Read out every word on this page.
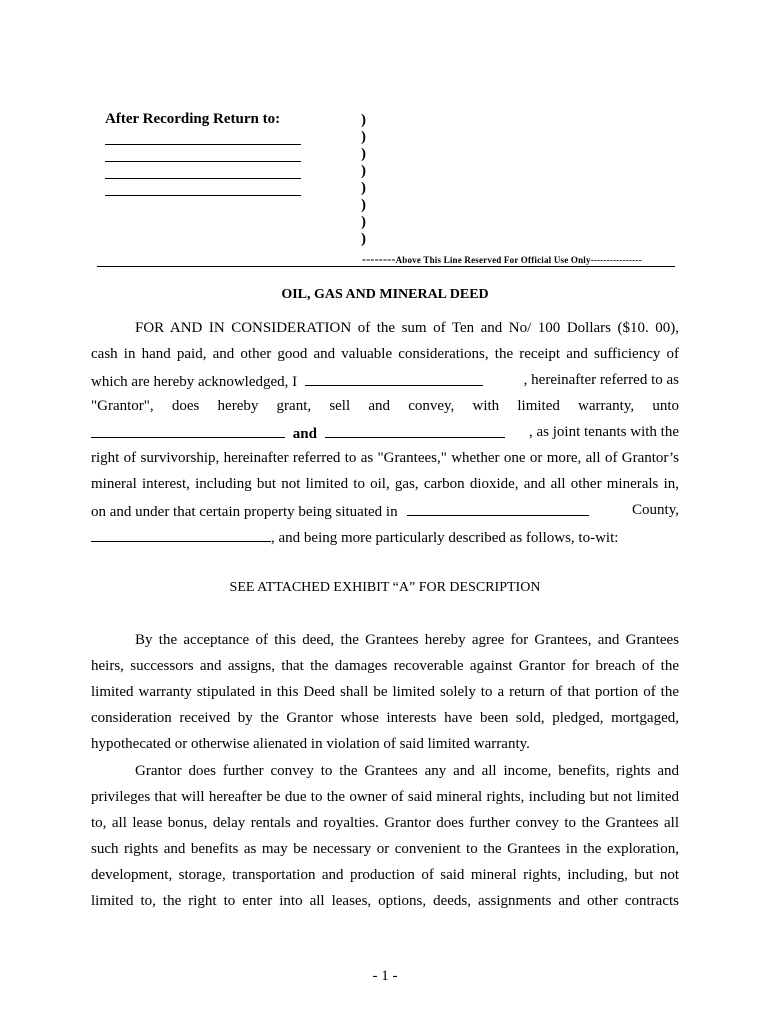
After Recording Return to:	)
)
)
)
)
)
)
)
--------Above This Line Reserved For Official Use Only----------------
OIL, GAS AND MINERAL DEED
FOR AND IN CONSIDERATION of the sum of Ten and No/ 100 Dollars ($10. 00),
cash in hand paid, and other good and valuable considerations, the receipt and sufficiency of
which are hereby acknowledged, I	, hereinafter referred to as
"Grantor", does hereby grant, sell and convey, with limited warranty, unto
and	, as joint tenants with the
right of survivorship, hereinafter referred to as "Grantees," whether one or more, all of Grantor’s
mineral interest, including but not limited to oil, gas, carbon dioxide, and all other minerals in,
on and under that certain property being situated in	County,
, and being more particularly described as follows, to-wit:
SEE ATTACHED EXHIBIT “A” FOR DESCRIPTION
By the acceptance of this deed, the Grantees hereby agree for Grantees, and Grantees
heirs, successors and assigns, that the damages recoverable against Grantor for breach of the
limited warranty stipulated in this Deed shall be limited solely to a return of that portion of the
consideration received by the Grantor whose interests have been sold, pledged, mortgaged,
hypothecated or otherwise alienated in violation of said limited warranty.
Grantor does further convey to the Grantees any and all income, benefits, rights and
privileges that will hereafter be due to the owner of said mineral rights, including but not limited
to, all lease bonus, delay rentals and royalties. Grantor does further convey to the Grantees all
such rights and benefits as may be necessary or convenient to the Grantees in the exploration,
development, storage, transportation and production of said mineral rights, including, but not
limited to, the right to enter into all leases, options, deeds, assignments and other contracts
- 1 -
